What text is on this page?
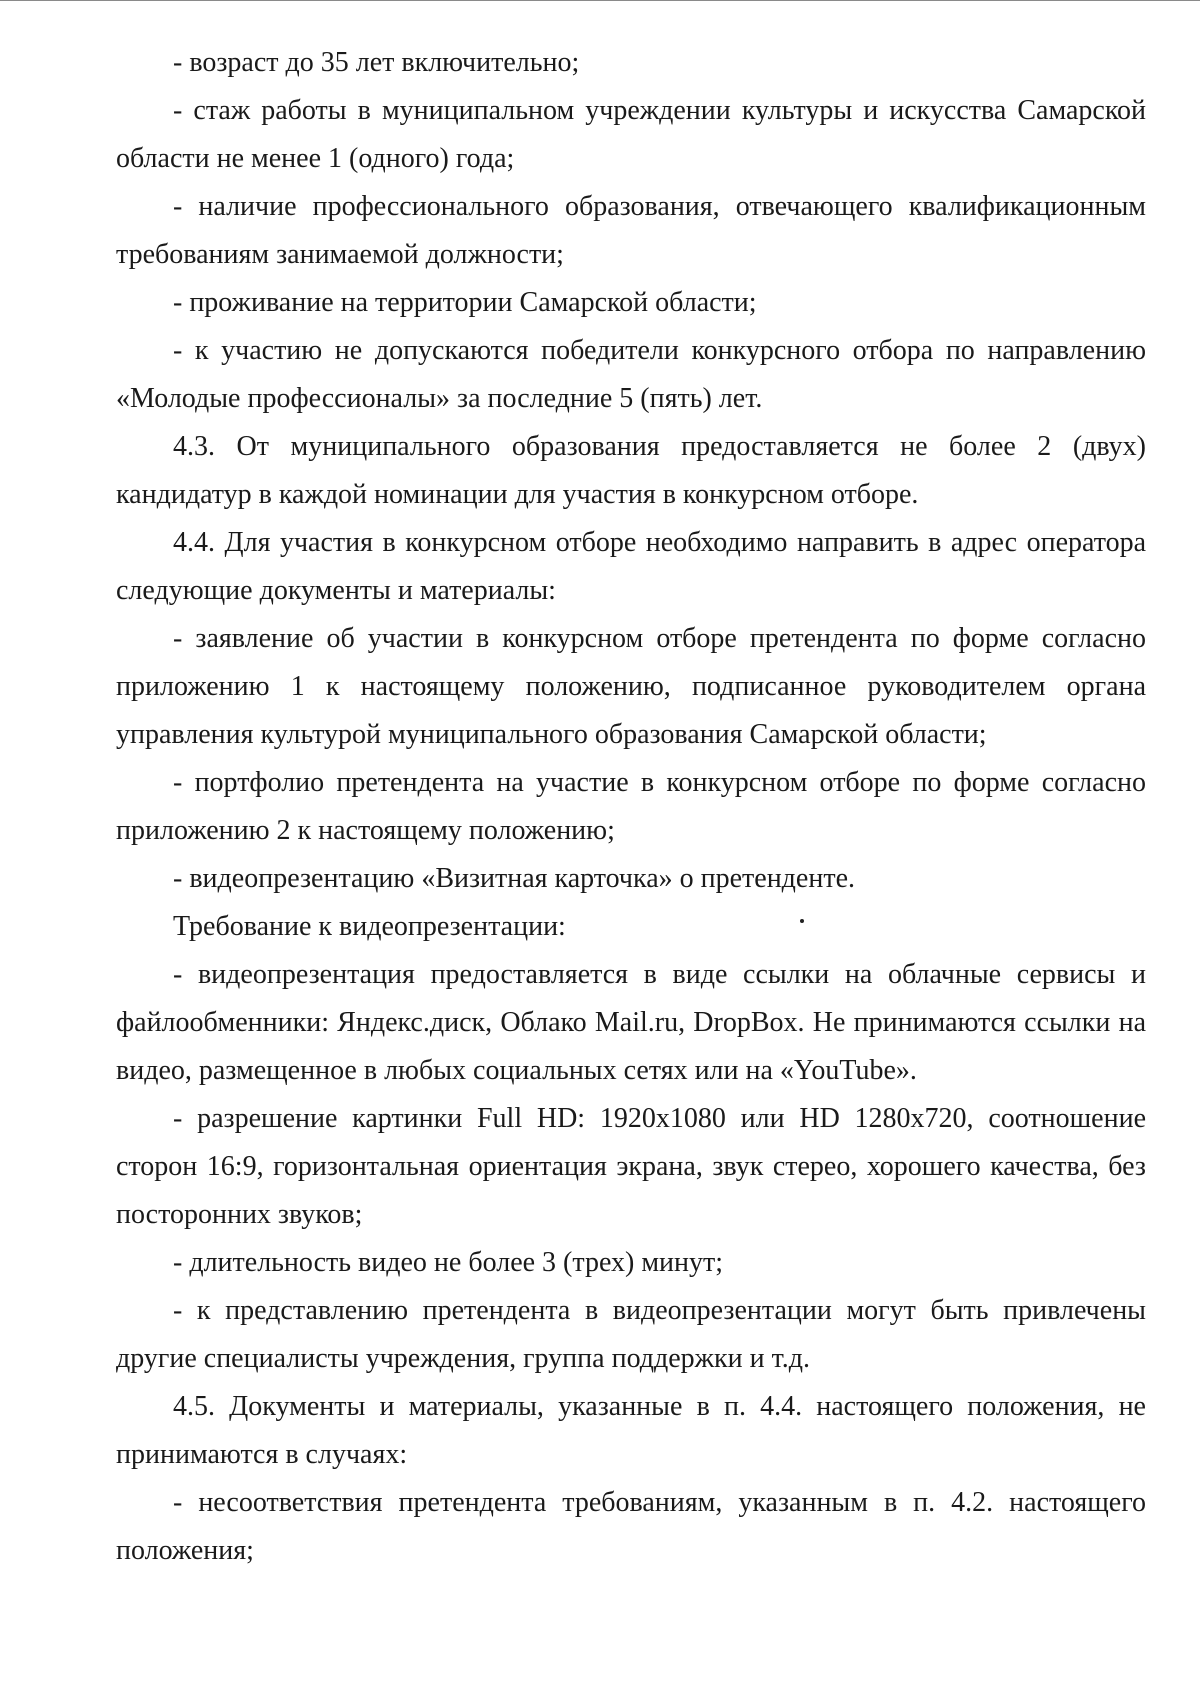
- возраст до 35 лет включительно;

- стаж работы в муниципальном учреждении культуры и искусства Самарской области не менее 1 (одного) года;

- наличие профессионального образования, отвечающего квалификационным требованиям занимаемой должности;

- проживание на территории Самарской области;

- к участию не допускаются победители конкурсного отбора по направлению «Молодые профессионалы» за последние 5 (пять) лет.

4.3. От муниципального образования предоставляется не более 2 (двух) кандидатур в каждой номинации для участия в конкурсном отборе.

4.4. Для участия в конкурсном отборе необходимо направить в адрес оператора следующие документы и материалы:

- заявление об участии в конкурсном отборе претендента по форме согласно приложению 1 к настоящему положению, подписанное руководителем органа управления культурой муниципального образования Самарской области;

- портфолио претендента на участие в конкурсном отборе по форме согласно приложению 2 к настоящему положению;

- видеопрезентацию «Визитная карточка» о претенденте.

Требование к видеопрезентации:

- видеопрезентация предоставляется в виде ссылки на облачные сервисы и файлообменники: Яндекс.диск, Облако Mail.ru, DropBox. Не принимаются ссылки на видео, размещенное в любых социальных сетях или на «YouTube».

- разрешение картинки Full HD: 1920x1080 или HD 1280x720, соотношение сторон 16:9, горизонтальная ориентация экрана, звук стерео, хорошего качества, без посторонних звуков;

- длительность видео не более 3 (трех) минут;

- к представлению претендента в видеопрезентации могут быть привлечены другие специалисты учреждения, группа поддержки и т.д.

4.5. Документы и материалы, указанные в п. 4.4. настоящего положения, не принимаются в случаях:

- несоответствия претендента требованиям, указанным в п. 4.2. настоящего положения;
